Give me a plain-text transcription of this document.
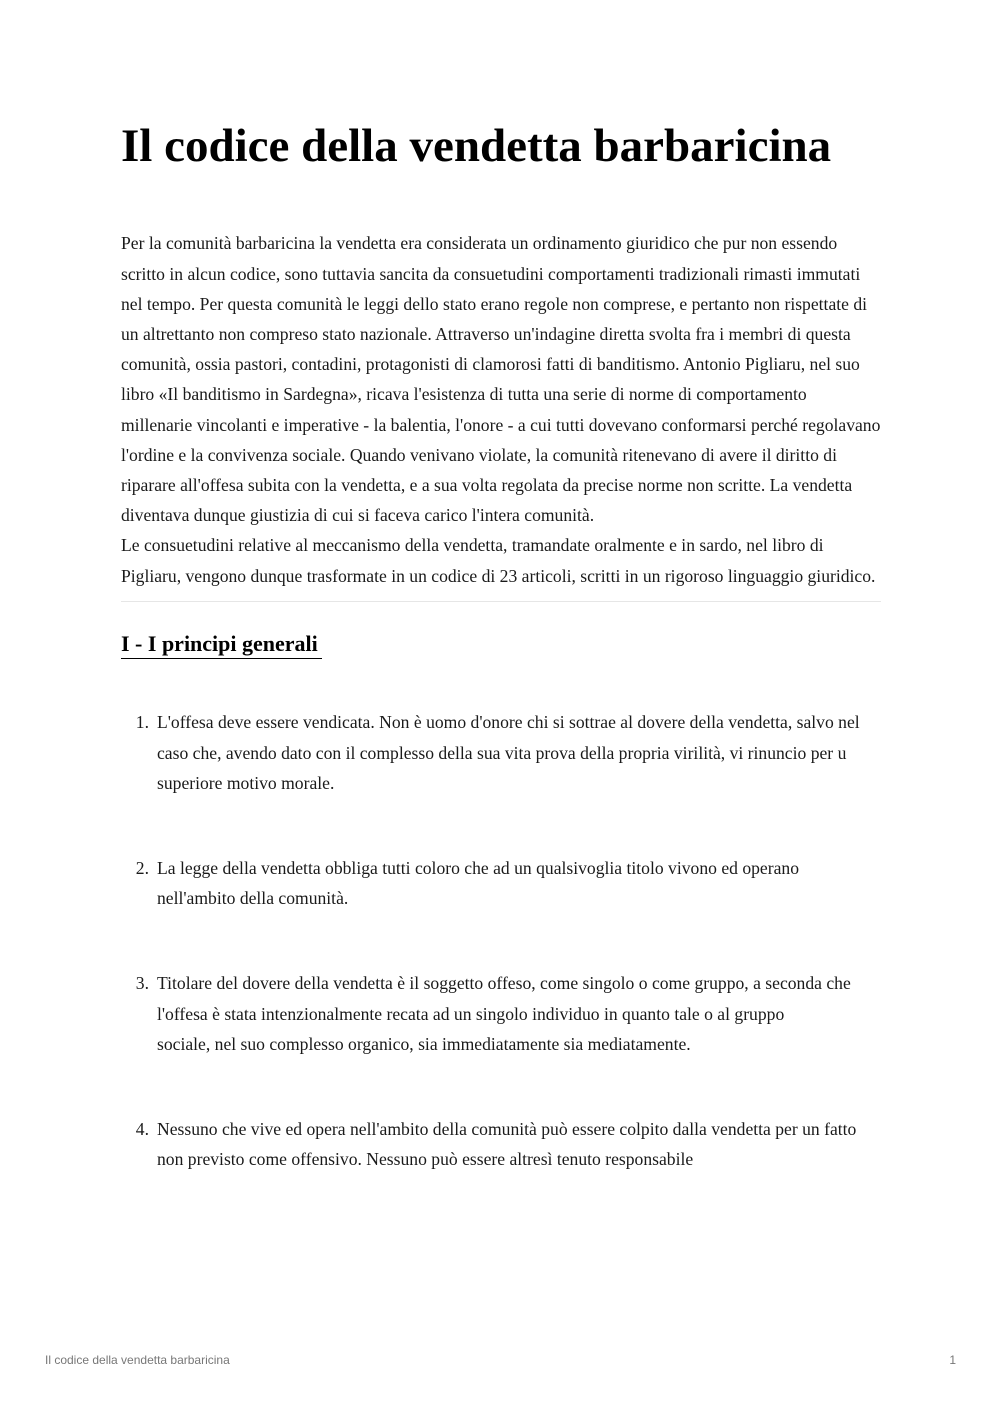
Il codice della vendetta barbaricina

Per la comunità barbaricina la vendetta era considerata un ordinamento giuridico che pur non essendo scritto in alcun codice, sono tuttavia sancita da consuetudini comportamenti tradizionali rimasti immutati nel tempo. Per questa comunità le leggi dello stato erano regole non comprese, e pertanto non rispettate di un altrettanto non compreso stato nazionale. Attraverso un'indagine diretta svolta fra i membri di questa comunità, ossia pastori, contadini, protagonisti di clamorosi fatti di banditismo. Antonio Pigliaru, nel suo libro «Il banditismo in Sardegna», ricava l'esistenza di tutta una serie di norme di comportamento millenarie vincolanti e imperative - la balentia, l'onore - a cui tutti dovevano conformarsi perché regolavano l'ordine e la convivenza sociale. Quando venivano violate, la comunità ritenevano di avere il diritto di riparare all'offesa subita con la vendetta, e a sua volta regolata da precise norme non scritte. La vendetta diventava dunque giustizia di cui si faceva carico l'intera comunità.

Le consuetudini relative al meccanismo della vendetta, tramandate oralmente e in sardo, nel libro di Pigliaru, vengono dunque trasformate in un codice di 23 articoli, scritti in un rigoroso linguaggio giuridico.

I - I principi generali
1. L'offesa deve essere vendicata. Non è uomo d'onore chi si sottrae al dovere della vendetta, salvo nel caso che, avendo dato con il complesso della sua vita prova della propria virilità, vi rinuncio per u superiore motivo morale.

2. La legge della vendetta obbliga tutti coloro che ad un qualsivoglia titolo vivono ed operano nell'ambito della comunità.

3. Titolare del dovere della vendetta è il soggetto offeso, come singolo o come gruppo, a seconda che l'offesa è stata intenzionalmente recata ad un singolo individuo in quanto tale o al gruppo

sociale, nel suo complesso organico, sia immediatamente sia mediatamente.

4. Nessuno che vive ed opera nell'ambito della comunità può essere colpito dalla vendetta per un fatto non previsto come offensivo. Nessuno può essere altresì tenuto responsabile

Il codice della vendetta barbaricina	1
